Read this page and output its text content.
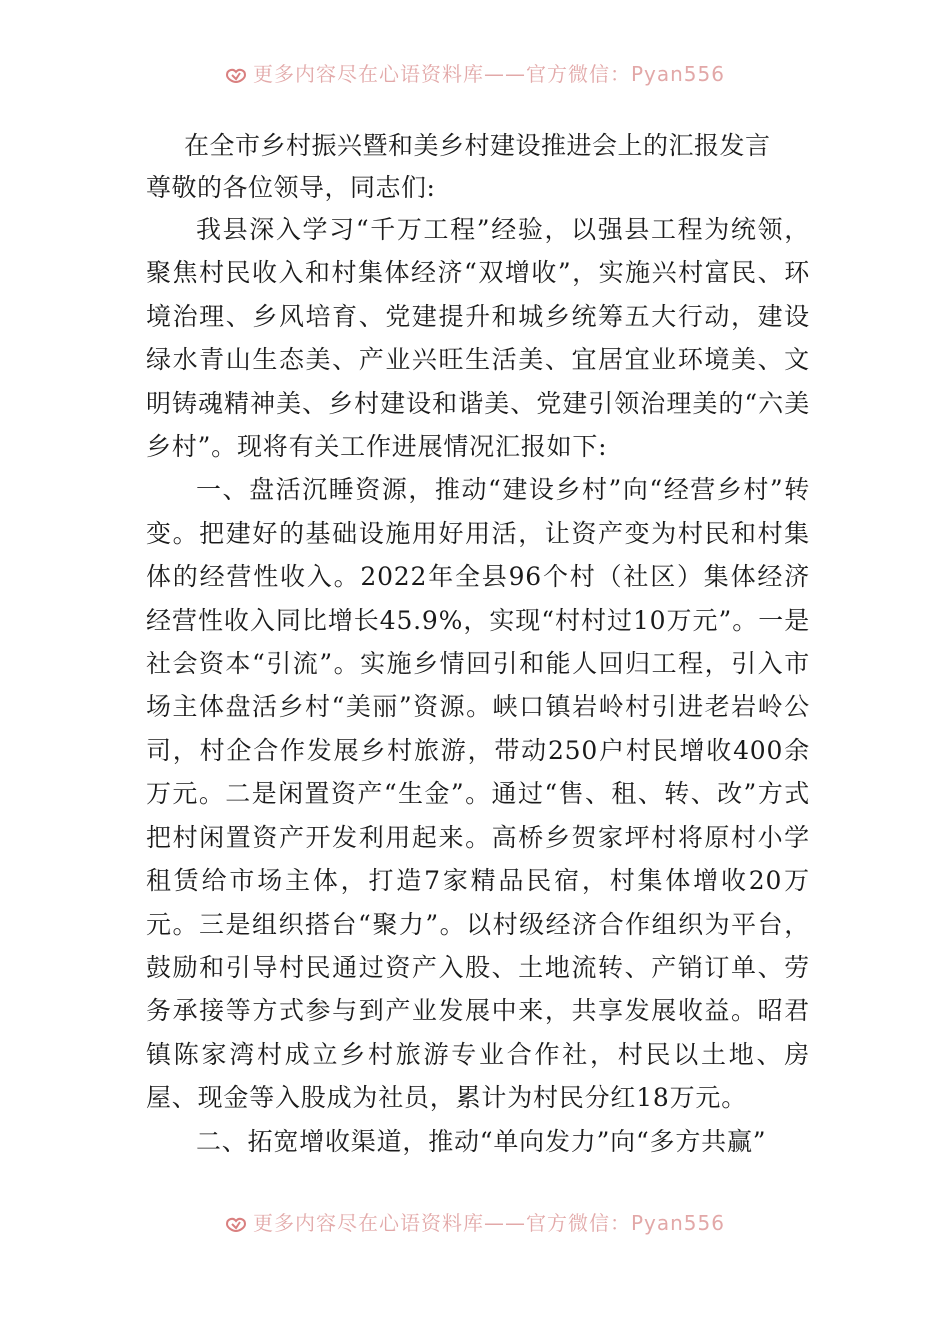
更多内容尽在心语资料库——官方微信：Pyan556
在全市乡村振兴暨和美乡村建设推进会上的汇报发言

尊敬的各位领导，同志们:

我县深入学习“千万工程”经验，以强县工程为统领，聚焦村民收入和村集体经济“双增收”，实施兴村富民、环境治理、乡风培育、党建提升和城乡统筹五大行动，建设绿水青山生态美、产业兴旺生活美、宜居宜业环境美、文明铸魂精神美、乡村建设和谐美、党建引领治理美的“六美乡村”。现将有关工作进展情况汇报如下:

一、盘活沉睡资源，推动“建设乡村”向“经营乡村”转变。把建好的基础设施用好用活，让资产变为村民和村集体的经营性收入。2022年全县96个村（社区）集体经济经营性收入同比增长45.9%，实现“村村过10万元”。一是社会资本“引流”。实施乡情回引和能人回归工程，引入市场主体盘活乡村“美丽”资源。峡口镇岩岭村引进老岩岭公司，村企合作发展乡村旅游，带动250户村民增收400余万元。二是闲置资产“生金”。通过“售、租、转、改”方式把村闲置资产开发利用起来。高桥乡贺家坪村将原村小学租赁给市场主体，打造7家精品民宿，村集体增收20万元。三是组织搭台“聚力”。以村级经济合作组织为平台，鼓励和引导村民通过资产入股、土地流转、产销订单、劳务承接等方式参与到产业发展中来，共享发展收益。昭君镇陈家湾村成立乡村旅游专业合作社，村民以土地、房屋、现金等入股成为社员，累计为村民分红18万元。

二、拓宽增收渠道，推动“单向发力”向“多方共赢”

更多内容尽在心语资料库——官方微信：Pyan556
